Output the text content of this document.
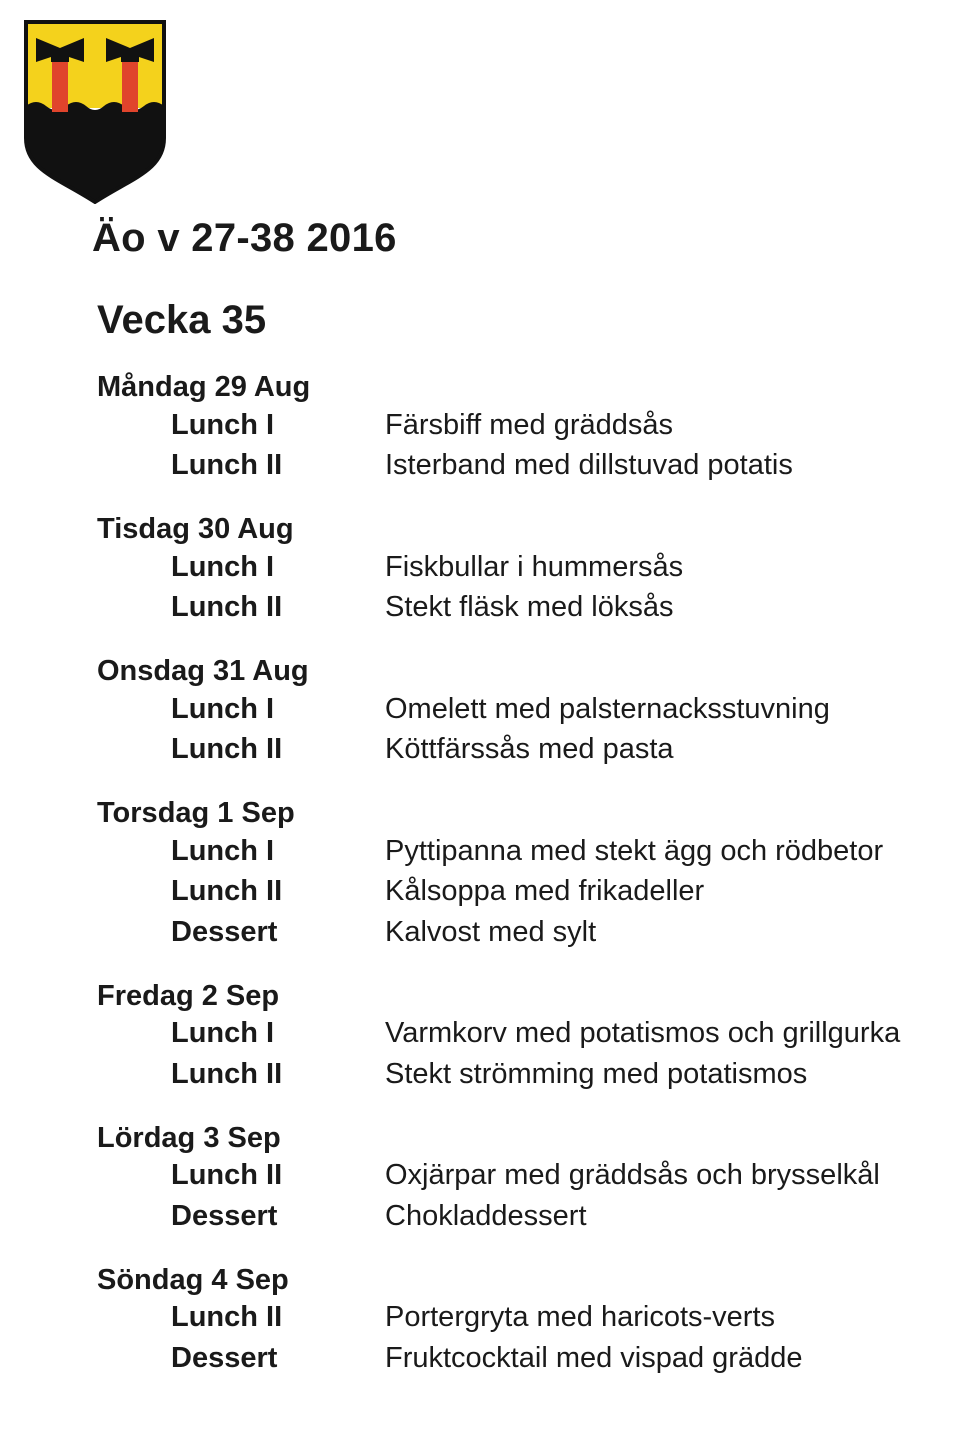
Äo v 27-38 2016
Vecka 35
Måndag 29 Aug
Lunch I	Färsbiff med gräddsås
Lunch II	Isterband med dillstuvad potatis
Tisdag 30 Aug
Lunch I	Fiskbullar i hummersås
Lunch II	Stekt fläsk med löksås
Onsdag 31 Aug
Lunch I	Omelett med palsternacksstuvning
Lunch II	Köttfärssås med pasta
Torsdag 1 Sep
Lunch I	Pyttipanna med stekt ägg och rödbetor
Lunch II	Kålsoppa med frikadeller
Dessert	Kalvost med sylt
Fredag 2 Sep
Lunch I	Varmkorv med potatismos och grillgurka
Lunch II	Stekt strömming med potatismos
Lördag 3 Sep
Lunch II	Oxjärpar med gräddsås och brysselkål
Dessert	Chokladdessert
Söndag 4 Sep
Lunch II	Portergryta med haricots-verts
Dessert	Fruktcocktail med vispad grädde
